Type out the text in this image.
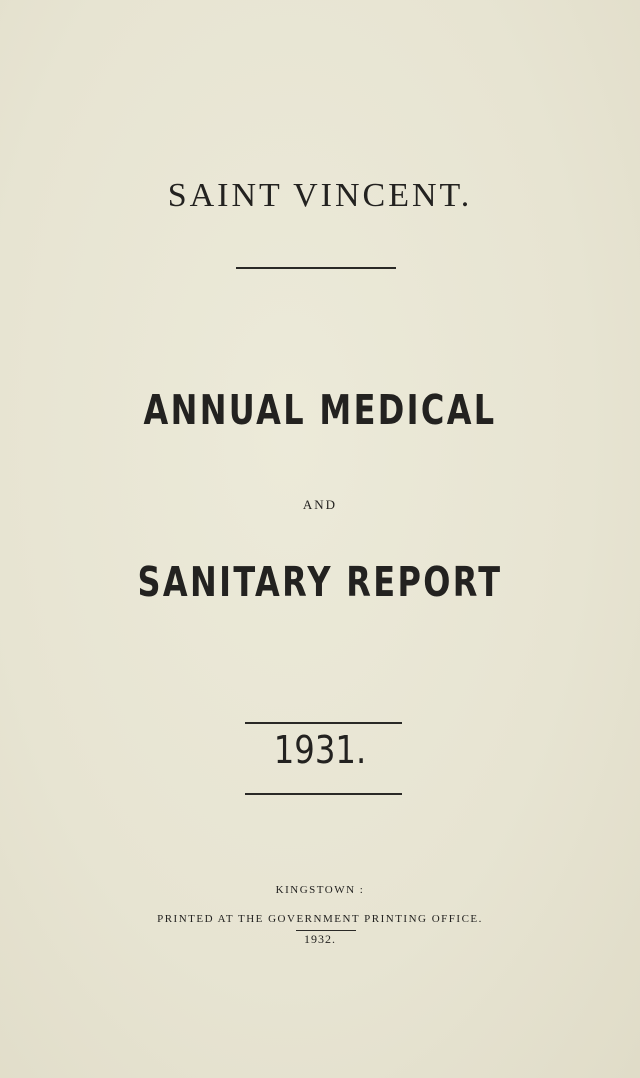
SAINT VINCENT.
ANNUAL MEDICAL
AND
SANITARY REPORT
1931.
KINGSTOWN :
PRINTED AT THE GOVERNMENT PRINTING OFFICE.
1932.
